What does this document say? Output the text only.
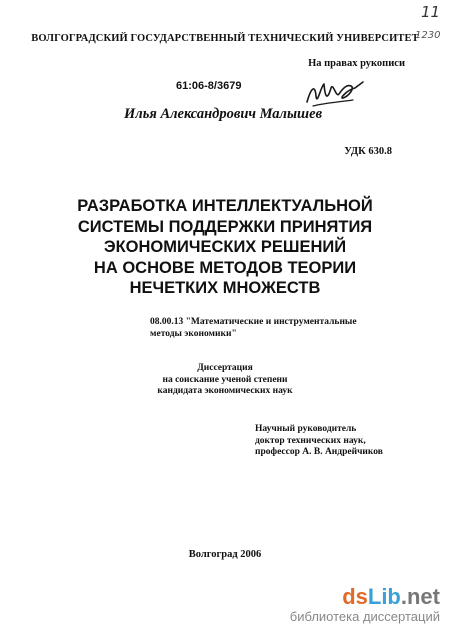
11
1230
ВОЛГОГРАДСКИЙ ГОСУДАРСТВЕННЫЙ ТЕХНИЧЕСКИЙ УНИВЕРСИТЕТ
На правах рукописи
61:06-8/3679
Илья Александрович Малышев
УДК 630.8
РАЗРАБОТКА ИНТЕЛЛЕКТУАЛЬНОЙ
СИСТЕМЫ ПОДДЕРЖКИ ПРИНЯТИЯ
ЭКОНОМИЧЕСКИХ РЕШЕНИЙ
НА ОСНОВЕ МЕТОДОВ ТЕОРИИ
НЕЧЕТКИХ МНОЖЕСТВ
08.00.13 "Математические и инструментальные
методы экономики"
Диссертация
на соискание ученой степени
кандидата экономических наук
Научный руководитель
доктор технических наук,
профессор А. В. Андрейчиков
Волгоград 2006
dsLib.net
библиотека диссертаций
